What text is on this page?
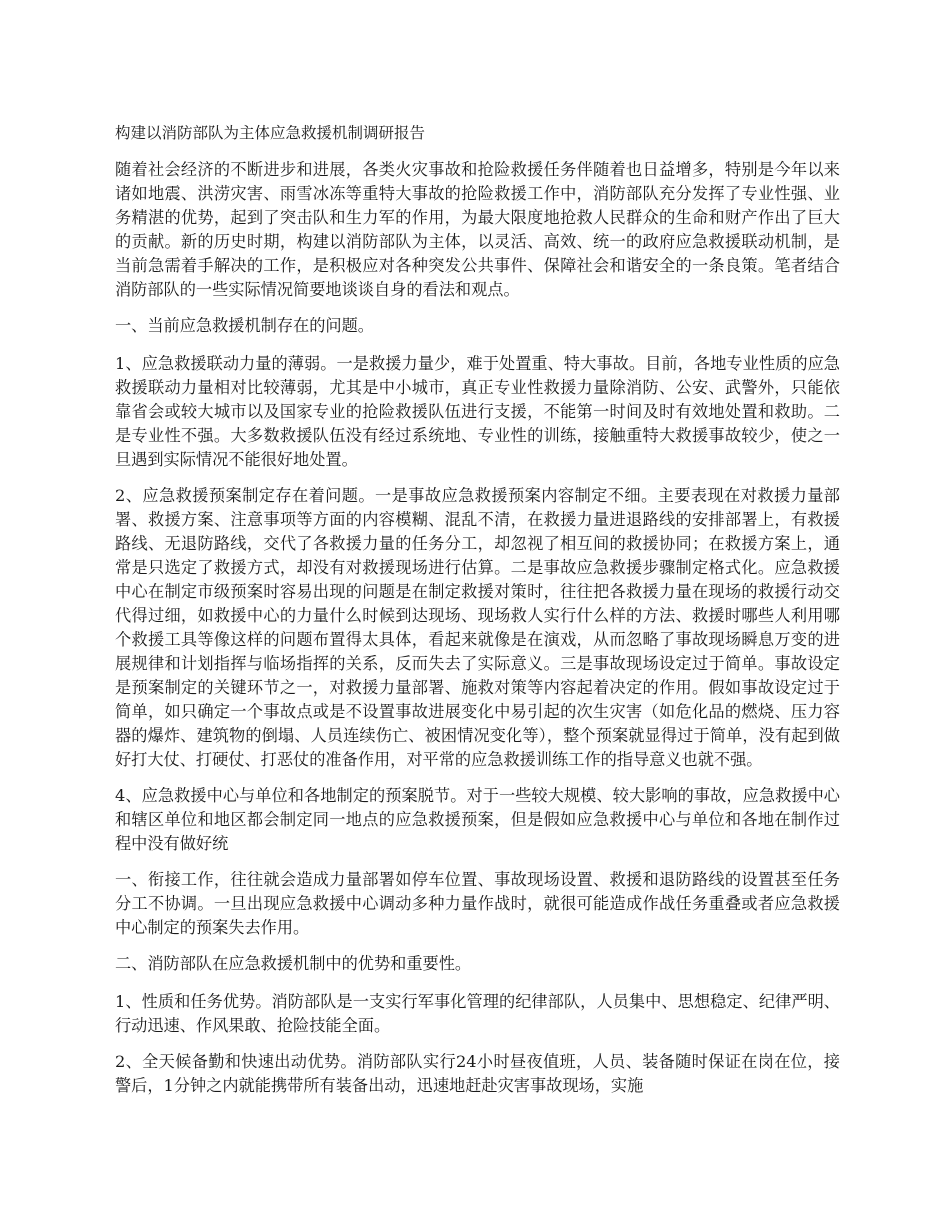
构建以消防部队为主体应急救援机制调研报告

随着社会经济的不断进步和进展，各类火灾事故和抢险救援任务伴随着也日益增多，特别是今年以来诸如地震、洪涝灾害、雨雪冰冻等重特大事故的抢险救援工作中，消防部队充分发挥了专业性强、业务精湛的优势，起到了突击队和生力军的作用，为最大限度地抢救人民群众的生命和财产作出了巨大的贡献。新的历史时期，构建以消防部队为主体，以灵活、高效、统一的政府应急救援联动机制，是当前急需着手解决的工作，是积极应对各种突发公共事件、保障社会和谐安全的一条良策。笔者结合消防部队的一些实际情况简要地谈谈自身的看法和观点。

一、当前应急救援机制存在的问题。

1、应急救援联动力量的薄弱。一是救援力量少，难于处置重、特大事故。目前，各地专业性质的应急救援联动力量相对比较薄弱，尤其是中小城市，真正专业性救援力量除消防、公安、武警外，只能依靠省会或较大城市以及国家专业的抢险救援队伍进行支援，不能第一时间及时有效地处置和救助。二是专业性不强。大多数救援队伍没有经过系统地、专业性的训练，接触重特大救援事故较少，使之一旦遇到实际情况不能很好地处置。

2、应急救援预案制定存在着问题。一是事故应急救援预案内容制定不细。主要表现在对救援力量部署、救援方案、注意事项等方面的内容模糊、混乱不清，在救援力量进退路线的安排部署上，有救援路线、无退防路线，交代了各救援力量的任务分工，却忽视了相互间的救援协同；在救援方案上，通常是只选定了救援方式，却没有对救援现场进行估算。二是事故应急救援步骤制定格式化。应急救援中心在制定市级预案时容易出现的问题是在制定救援对策时，往往把各救援力量在现场的救援行动交代得过细，如救援中心的力量什么时候到达现场、现场救人实行什么样的方法、救援时哪些人利用哪个救援工具等像这样的问题布置得太具体，看起来就像是在演戏，从而忽略了事故现场瞬息万变的进展规律和计划指挥与临场指挥的关系，反而失去了实际意义。三是事故现场设定过于简单。事故设定是预案制定的关键环节之一，对救援力量部署、施救对策等内容起着决定的作用。假如事故设定过于简单，如只确定一个事故点或是不设置事故进展变化中易引起的次生灾害（如危化品的燃烧、压力容器的爆炸、建筑物的倒塌、人员连续伤亡、被困情况变化等），整个预案就显得过于简单，没有起到做好打大仗、打硬仗、打恶仗的准备作用，对平常的应急救援训练工作的指导意义也就不强。

4、应急救援中心与单位和各地制定的预案脱节。对于一些较大规模、较大影响的事故，应急救援中心和辖区单位和地区都会制定同一地点的应急救援预案，但是假如应急救援中心与单位和各地在制作过程中没有做好统

一、衔接工作，往往就会造成力量部署如停车位置、事故现场设置、救援和退防路线的设置甚至任务分工不协调。一旦出现应急救援中心调动多种力量作战时，就很可能造成作战任务重叠或者应急救援中心制定的预案失去作用。

二、消防部队在应急救援机制中的优势和重要性。

1、性质和任务优势。消防部队是一支实行军事化管理的纪律部队，人员集中、思想稳定、纪律严明、行动迅速、作风果敢、抢险技能全面。

2、全天候备勤和快速出动优势。消防部队实行24小时昼夜值班，人员、装备随时保证在岗在位，接警后，1分钟之内就能携带所有装备出动，迅速地赶赴灾害事故现场，实施
